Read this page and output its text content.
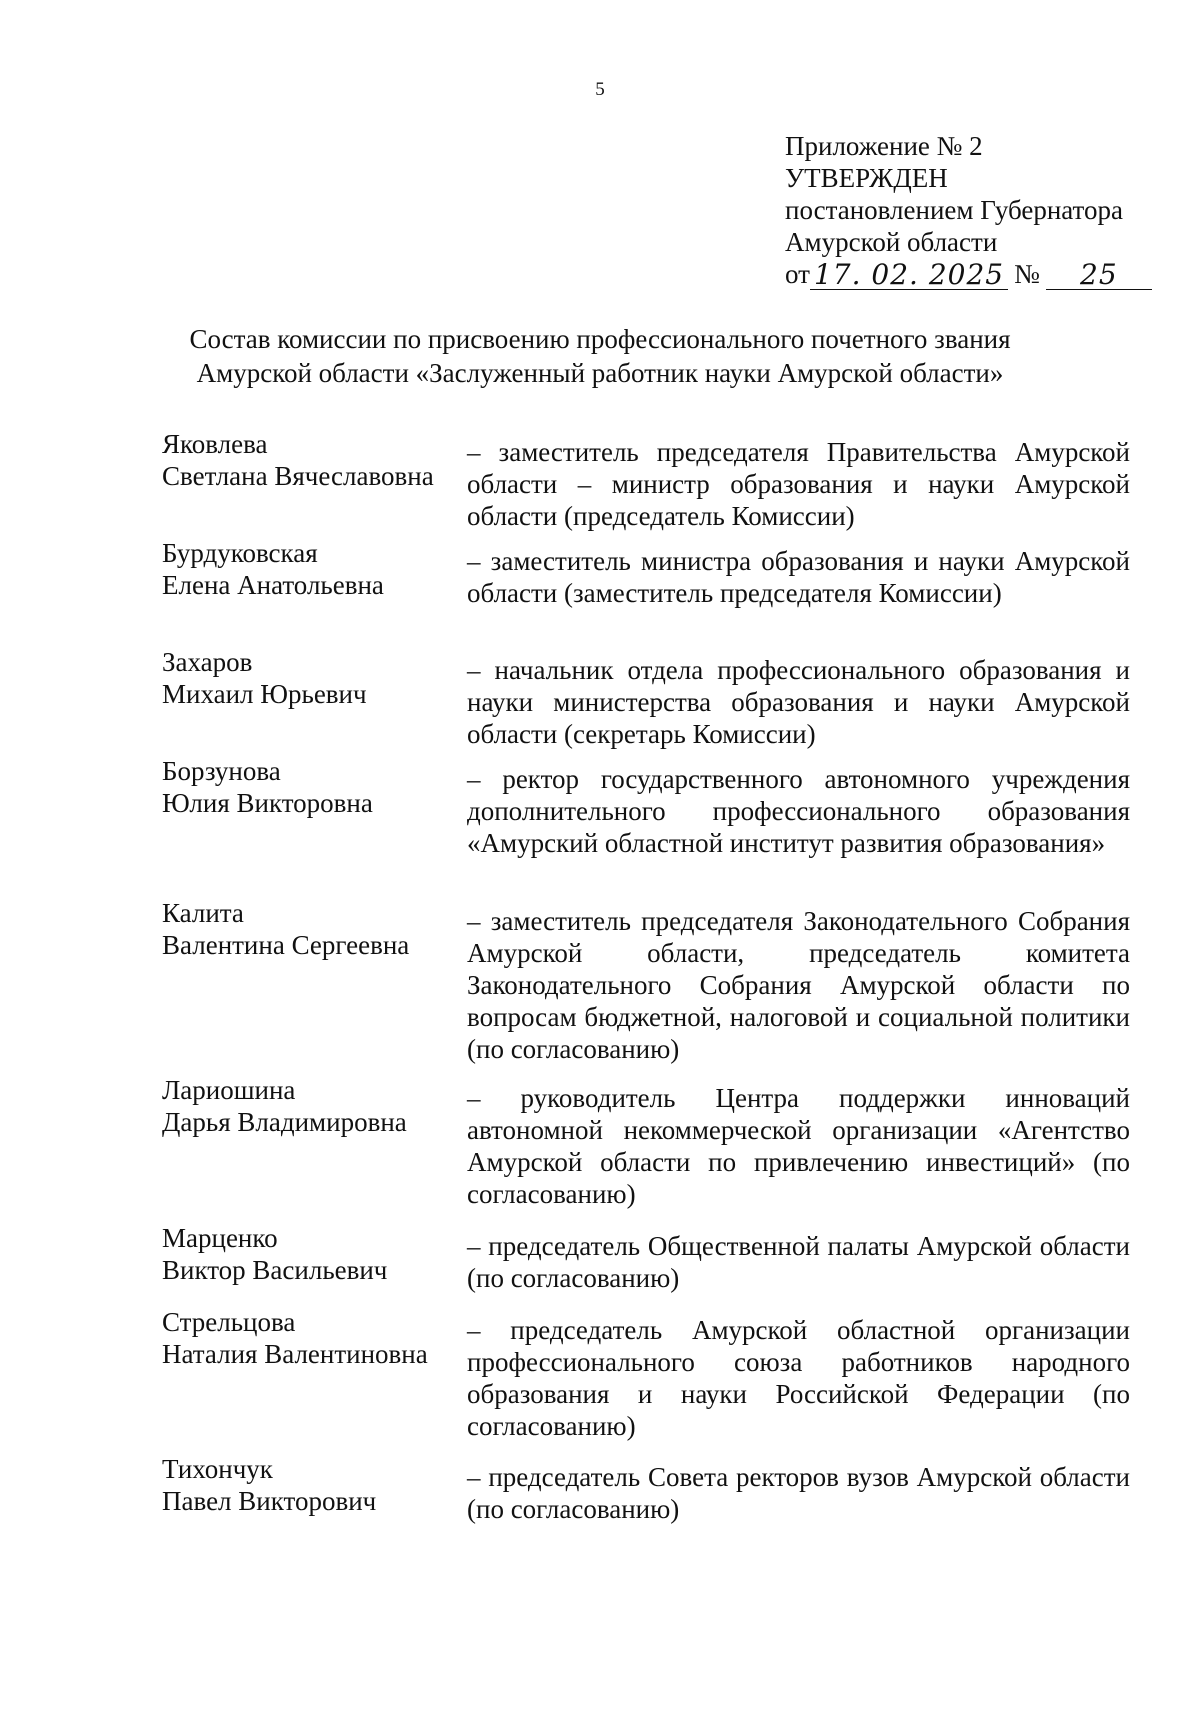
5
Приложение № 2
УТВЕРЖДЕН
постановлением Губернатора
Амурской области
от 17. 02. 2025 №	25
Состав комиссии по присвоению профессионального почетного звания
Амурской области «Заслуженный работник науки Амурской области»
Яковлева
Светлана Вячеславовна
– заместитель председателя Правительства Амурской области – министр образования и науки Амурской области (председатель Комиссии)
Бурдуковская
Елена Анатольевна
– заместитель министра образования и науки Амурской области (заместитель председателя Комиссии)
Захаров
Михаил Юрьевич
– начальник отдела профессионального образования и науки министерства образования и науки Амурской области (секретарь Комиссии)
Борзунова
Юлия Викторовна
– ректор государственного автономного учреждения дополнительного профессионального образования «Амурский областной институт развития образования»
Калита
Валентина Сергеевна
– заместитель председателя Законодательного Собрания Амурской области, председатель комитета Законодательного Собрания Амурской области по вопросам бюджетной, налоговой и социальной политики (по согласованию)
Лариошина
Дарья Владимировна
– руководитель Центра поддержки инноваций автономной некоммерческой организации «Агентство Амурской области по привлечению инвестиций» (по согласованию)
Марценко
Виктор Васильевич
– председатель Общественной палаты Амурской области (по согласованию)
Стрельцова
Наталия Валентиновна
– председатель Амурской областной организации профессионального союза работников народного образования и науки Российской Федерации (по согласованию)
Тихончук
Павел Викторович
– председатель Совета ректоров вузов Амурской области (по согласованию)
